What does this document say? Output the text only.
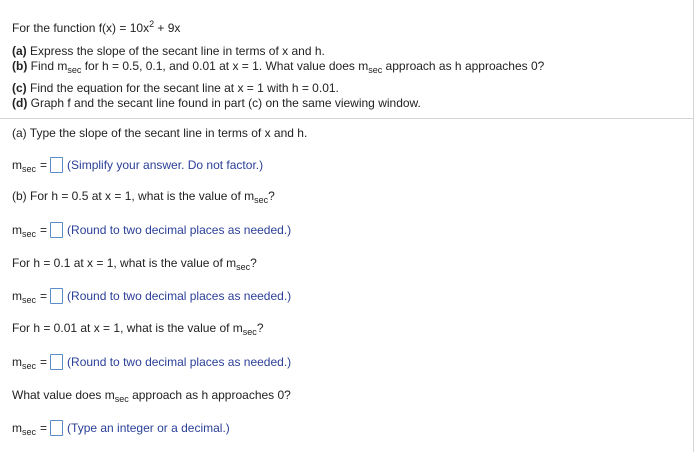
For the function $f(x) = 10x^2 + 9x$
(a) Express the slope of the secant line in terms of x and h.
(b) Find $m_{sec}$ for h = 0.5, 0.1, and 0.01 at x = 1. What value does $m_{sec}$ approach as h approaches 0?
(c) Find the equation for the secant line at x = 1 with h = 0.01.
(d) Graph f and the secant line found in part (c) on the same viewing window.
(a) Type the slope of the secant line in terms of x and h.
$m_{sec}$ = (Simplify your answer. Do not factor.)
(b) For h = 0.5 at x = 1, what is the value of $m_{sec}$?
$m_{sec}$ = (Round to two decimal places as needed.)
For h = 0.1 at x = 1, what is the value of $m_{sec}$?
$m_{sec}$ = (Round to two decimal places as needed.)
For h = 0.01 at x = 1, what is the value of $m_{sec}$?
$m_{sec}$ = (Round to two decimal places as needed.)
What value does $m_{sec}$ approach as h approaches 0?
$m_{sec}$ = (Type an integer or a decimal.)
